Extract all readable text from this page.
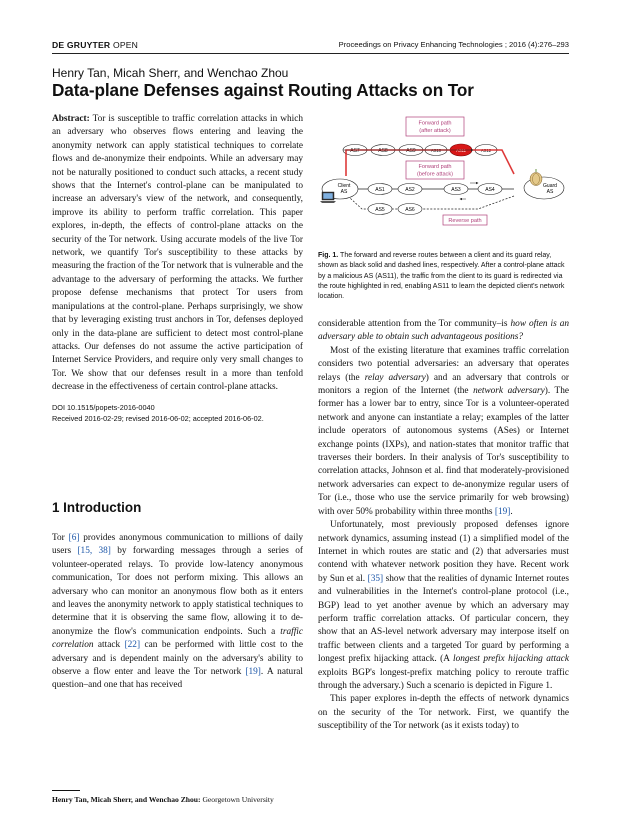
DE GRUYTER OPEN	Proceedings on Privacy Enhancing Technologies ; 2016 (4):276–293
Henry Tan, Micah Sherr, and Wenchao Zhou
Data-plane Defenses against Routing Attacks on Tor

Abstract: Tor is susceptible to traffic correlation attacks in which an adversary who observes flows entering and leaving the anonymity network can apply statistical techniques to correlate flows and de-anonymize their endpoints. While an adversary may not be naturally positioned to conduct such attacks, a recent study shows that the Internet's control-plane can be manipulated to increase an adversary's view of the network, and consequently, improve its ability to perform traffic correlation. This paper explores, in-depth, the effects of control-plane attacks on the security of the Tor network. Using accurate models of the live Tor network, we quantify Tor's susceptibility to these attacks by measuring the fraction of the Tor network that is vulnerable and the advantage to the adversary of performing the attacks. We further propose defense mechanisms that protect Tor users from manipulations at the control-plane. Perhaps surprisingly, we show that by leveraging existing trust anchors in Tor, defenses deployed only in the data-plane are sufficient to detect most control-plane attacks. Our defenses do not assume the active participation of Internet Service Providers, and require only very small changes to Tor. We show that our defenses result in a more than tenfold decrease in the effectiveness of certain control-plane attacks.

DOI 10.1515/popets-2016-0040
Received 2016-02-29; revised 2016-06-02; accepted 2016-06-02.
1 Introduction
Tor [6] provides anonymous communication to millions of daily users [15, 38] by forwarding messages through a series of volunteer-operated relays. To provide low-latency anonymous communication, Tor does not perform mixing. This allows an adversary who can monitor an anonymous flow both as it enters and leaves the anonymity network to apply statistical techniques to determine that it is observing the same flow, allowing it to de-anonymize the flow's communication endpoints. Such a traffic correlation attack [22] can be performed with little cost to the adversary and is dependent mainly on the adversary's ability to observe a flow enter and leave the Tor network [19]. A natural question–and one that has received
Henry Tan, Micah Sherr, and Wenchao Zhou: Georgetown University
Forward path
(after attack)
AS7	AS8	AS9	AS10	AS11	AS12
Forward path
(before attack)
Client
AS	AS1	AS2	AS3	AS4
Guard
AS
AS5	AS6
Reverse path
Fig. 1. The forward and reverse routes between a client and its guard relay, shown as black solid and dashed lines, respectively. After a control-plane attack by a malicious AS (AS11), the traffic from the client to its guard is redirected via the route highlighted in red, enabling AS11 to learn the depicted client's network location.

considerable attention from the Tor community–is how often is an adversary able to obtain such advantageous positions?

Most of the existing literature that examines traffic correlation considers two potential adversaries: an adversary that operates relays (the relay adversary) and an adversary that controls or monitors a region of the Internet (the network adversary). The former has a lower bar to entry, since Tor is a volunteer-operated network and anyone can instantiate a relay; examples of the latter include operators of autonomous systems (ASes) or Internet exchange points (IXPs), and nation-states that monitor traffic that traverses their borders. In their analysis of Tor's susceptibility to correlation attacks, Johnson et al. find that moderately-provisioned network adversaries can expect to de-anonymize regular users of Tor (i.e., those who use the service primarily for web browsing) with over 50% probability within three months [19].

Unfortunately, most previously proposed defenses ignore network dynamics, assuming instead (1) a simplified model of the Internet in which routes are static and (2) that adversaries must contend with whatever network position they have. Recent work by Sun et al. [35] show that the realities of dynamic Internet routes and vulnerabilities in the Internet's control-plane protocol (i.e., BGP) lead to yet another avenue by which an adversary may perform traffic correlation attacks. Of particular concern, they show that an AS-level network adversary may interpose itself on traffic between clients and a targeted Tor guard by performing a longest prefix hijacking attack. (A longest prefix hijacking attack exploits BGP's longest-prefix matching policy to reroute traffic through the adversary.) Such a scenario is depicted in Figure 1.

This paper explores in-depth the effects of network dynamics on the security of the Tor network. First, we quantify the susceptibility of the Tor network (as it exists today) to
